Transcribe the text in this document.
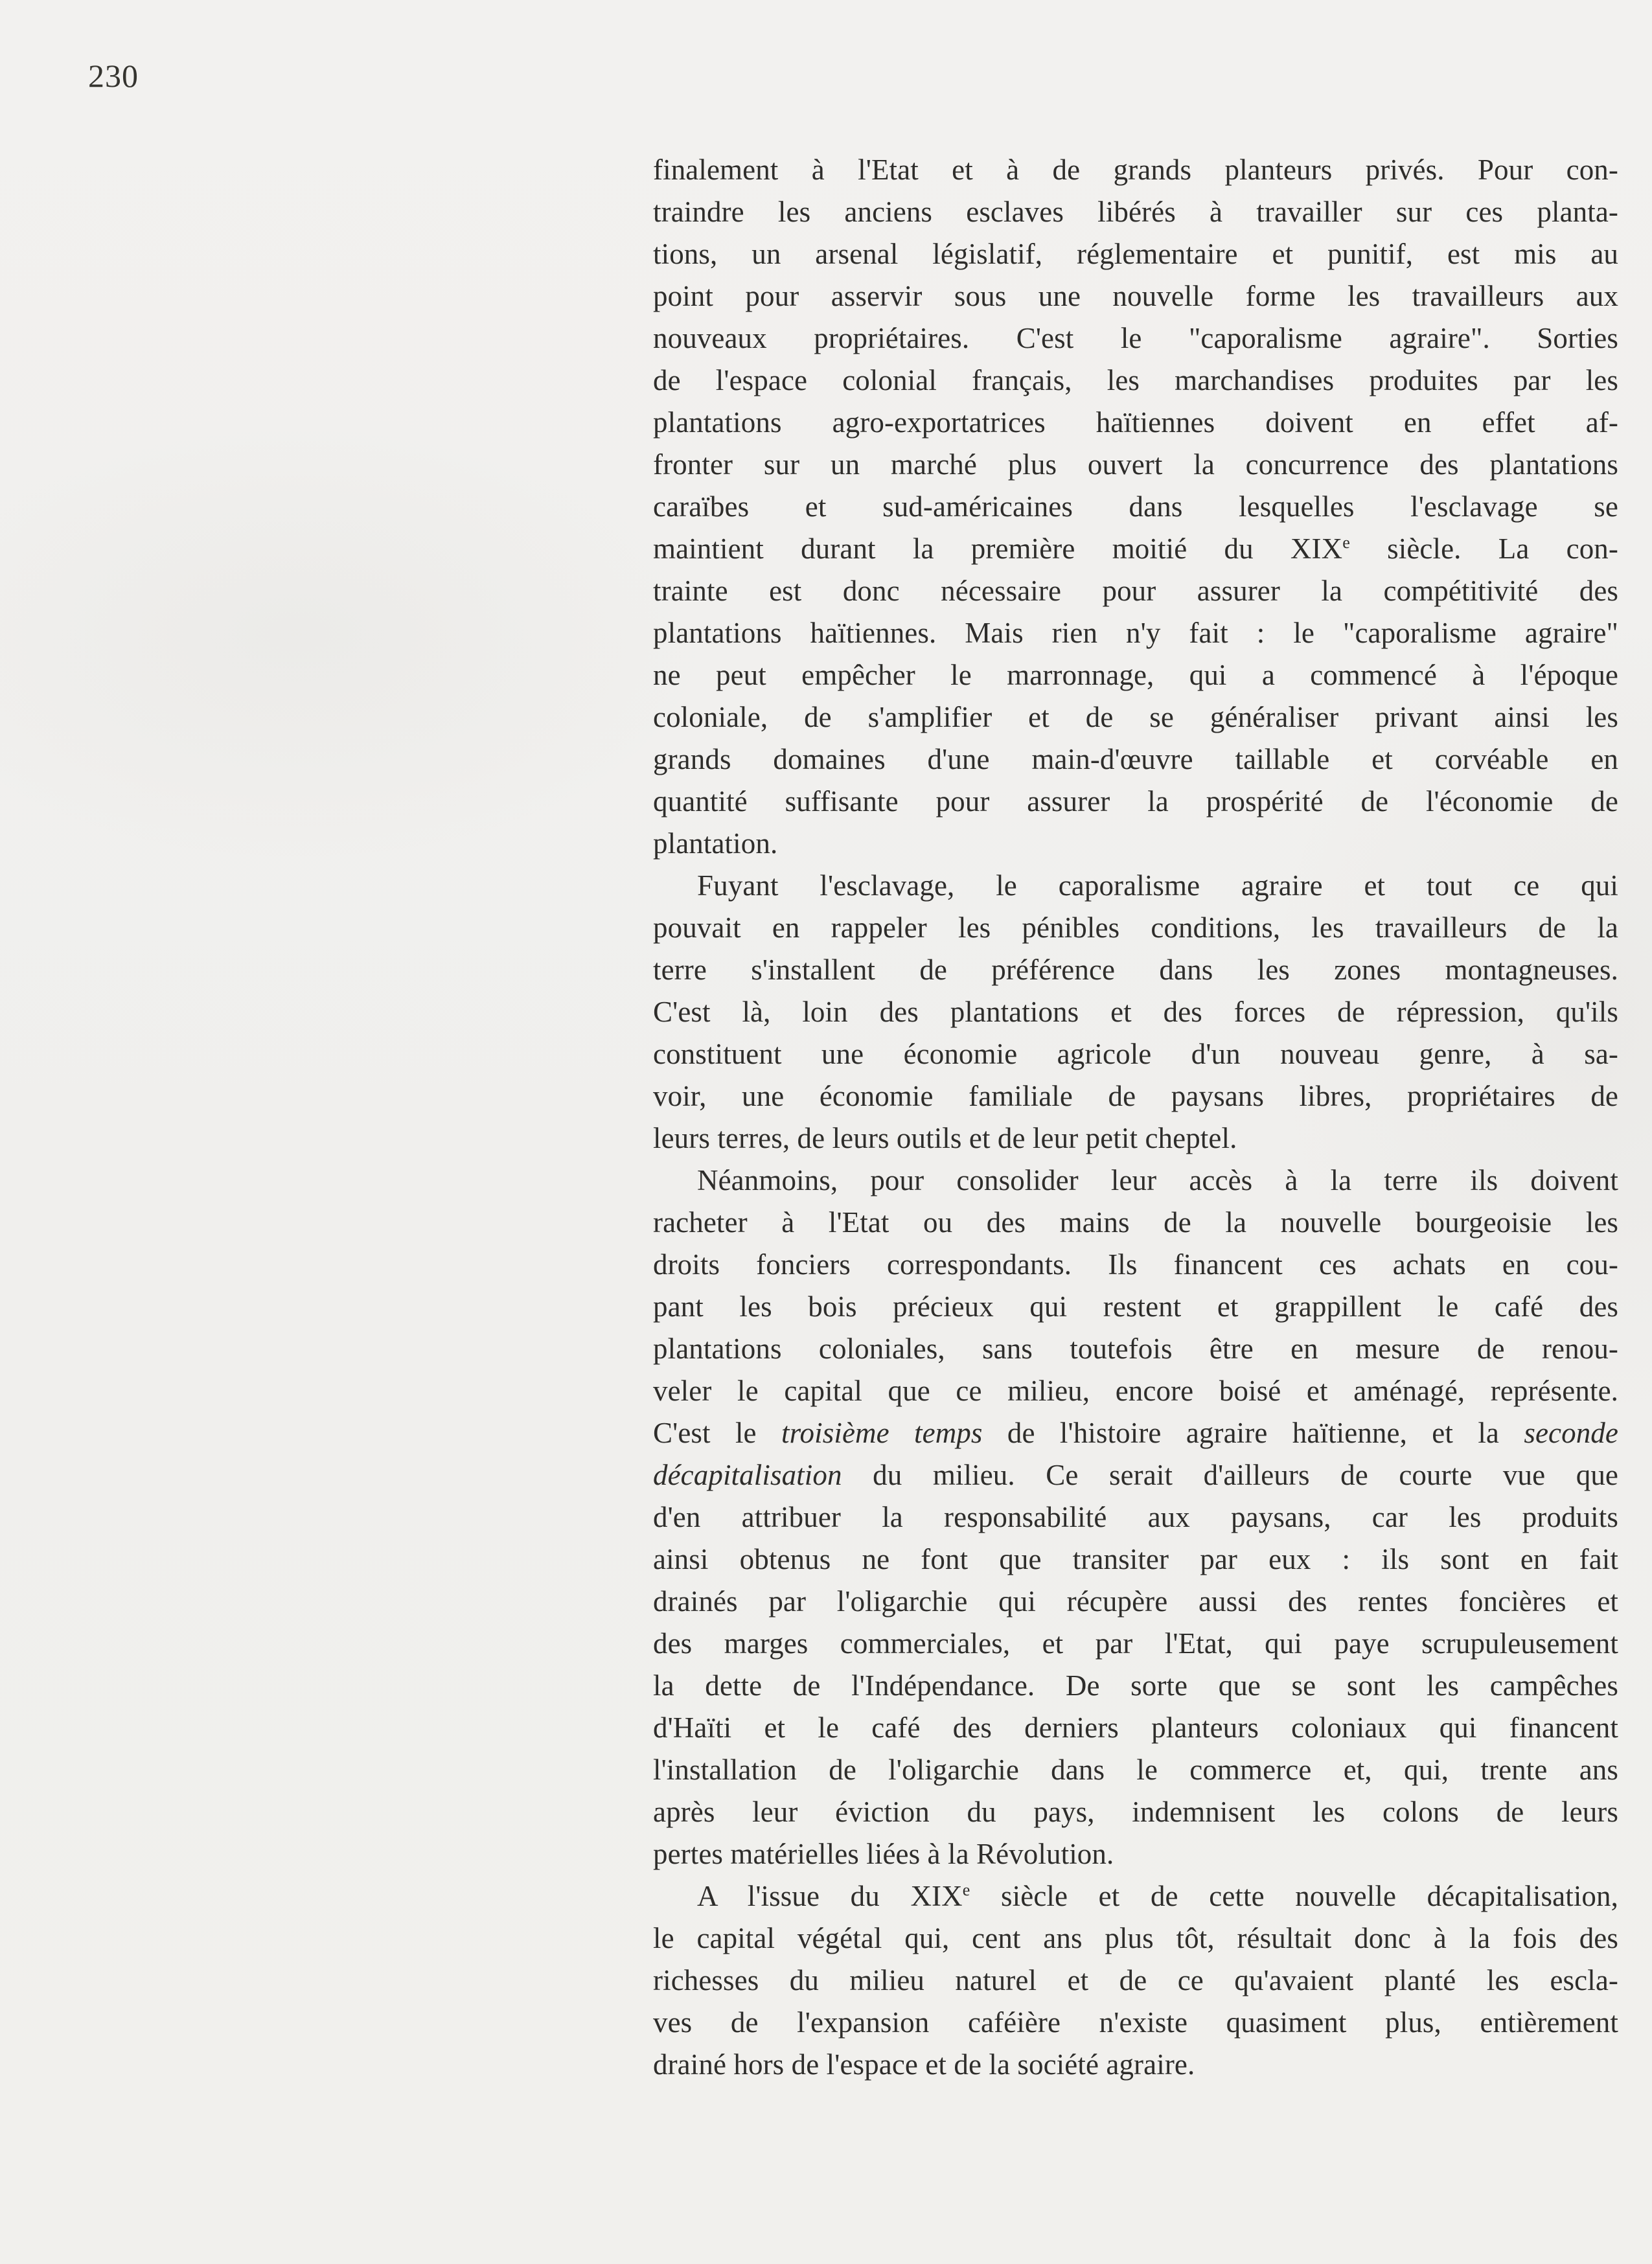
230
finalement à l'Etat et à de grands planteurs privés. Pour con-
traindre les anciens esclaves libérés à travailler sur ces planta-
tions, un arsenal législatif, réglementaire et punitif, est mis au
point pour asservir sous une nouvelle forme les travailleurs aux
nouveaux propriétaires. C'est le "caporalisme agraire". Sorties
de l'espace colonial français, les marchandises produites par les
plantations agro-exportatrices haïtiennes doivent en effet af-
fronter sur un marché plus ouvert la concurrence des plantations
caraïbes et sud-américaines dans lesquelles l'esclavage se
maintient durant la première moitié du XIXe siècle. La con-
trainte est donc nécessaire pour assurer la compétitivité des
plantations haïtiennes. Mais rien n'y fait : le "caporalisme agraire"
ne peut empêcher le marronnage, qui a commencé à l'époque
coloniale, de s'amplifier et de se généraliser privant ainsi les
grands domaines d'une main-d'œuvre taillable et corvéable en
quantité suffisante pour assurer la prospérité de l'économie de
plantation.
Fuyant l'esclavage, le caporalisme agraire et tout ce qui
pouvait en rappeler les pénibles conditions, les travailleurs de la
terre s'installent de préférence dans les zones montagneuses.
C'est là, loin des plantations et des forces de répression, qu'ils
constituent une économie agricole d'un nouveau genre, à sa-
voir, une économie familiale de paysans libres, propriétaires de
leurs terres, de leurs outils et de leur petit cheptel.
Néanmoins, pour consolider leur accès à la terre ils doivent
racheter à l'Etat ou des mains de la nouvelle bourgeoisie les
droits fonciers correspondants. Ils financent ces achats en cou-
pant les bois précieux qui restent et grappillent le café des
plantations coloniales, sans toutefois être en mesure de renou-
veler le capital que ce milieu, encore boisé et aménagé, représente.
C'est le troisième temps de l'histoire agraire haïtienne, et la seconde
décapitalisation du milieu. Ce serait d'ailleurs de courte vue que
d'en attribuer la responsabilité aux paysans, car les produits
ainsi obtenus ne font que transiter par eux : ils sont en fait
drainés par l'oligarchie qui récupère aussi des rentes foncières et
des marges commerciales, et par l'Etat, qui paye scrupuleusement
la dette de l'Indépendance. De sorte que se sont les campêches
d'Haïti et le café des derniers planteurs coloniaux qui financent
l'installation de l'oligarchie dans le commerce et, qui, trente ans
après leur éviction du pays, indemnisent les colons de leurs
pertes matérielles liées à la Révolution.
A l'issue du XIXe siècle et de cette nouvelle décapitalisation,
le capital végétal qui, cent ans plus tôt, résultait donc à la fois des
richesses du milieu naturel et de ce qu'avaient planté les escla-
ves de l'expansion caféière n'existe quasiment plus, entièrement
drainé hors de l'espace et de la société agraire.
